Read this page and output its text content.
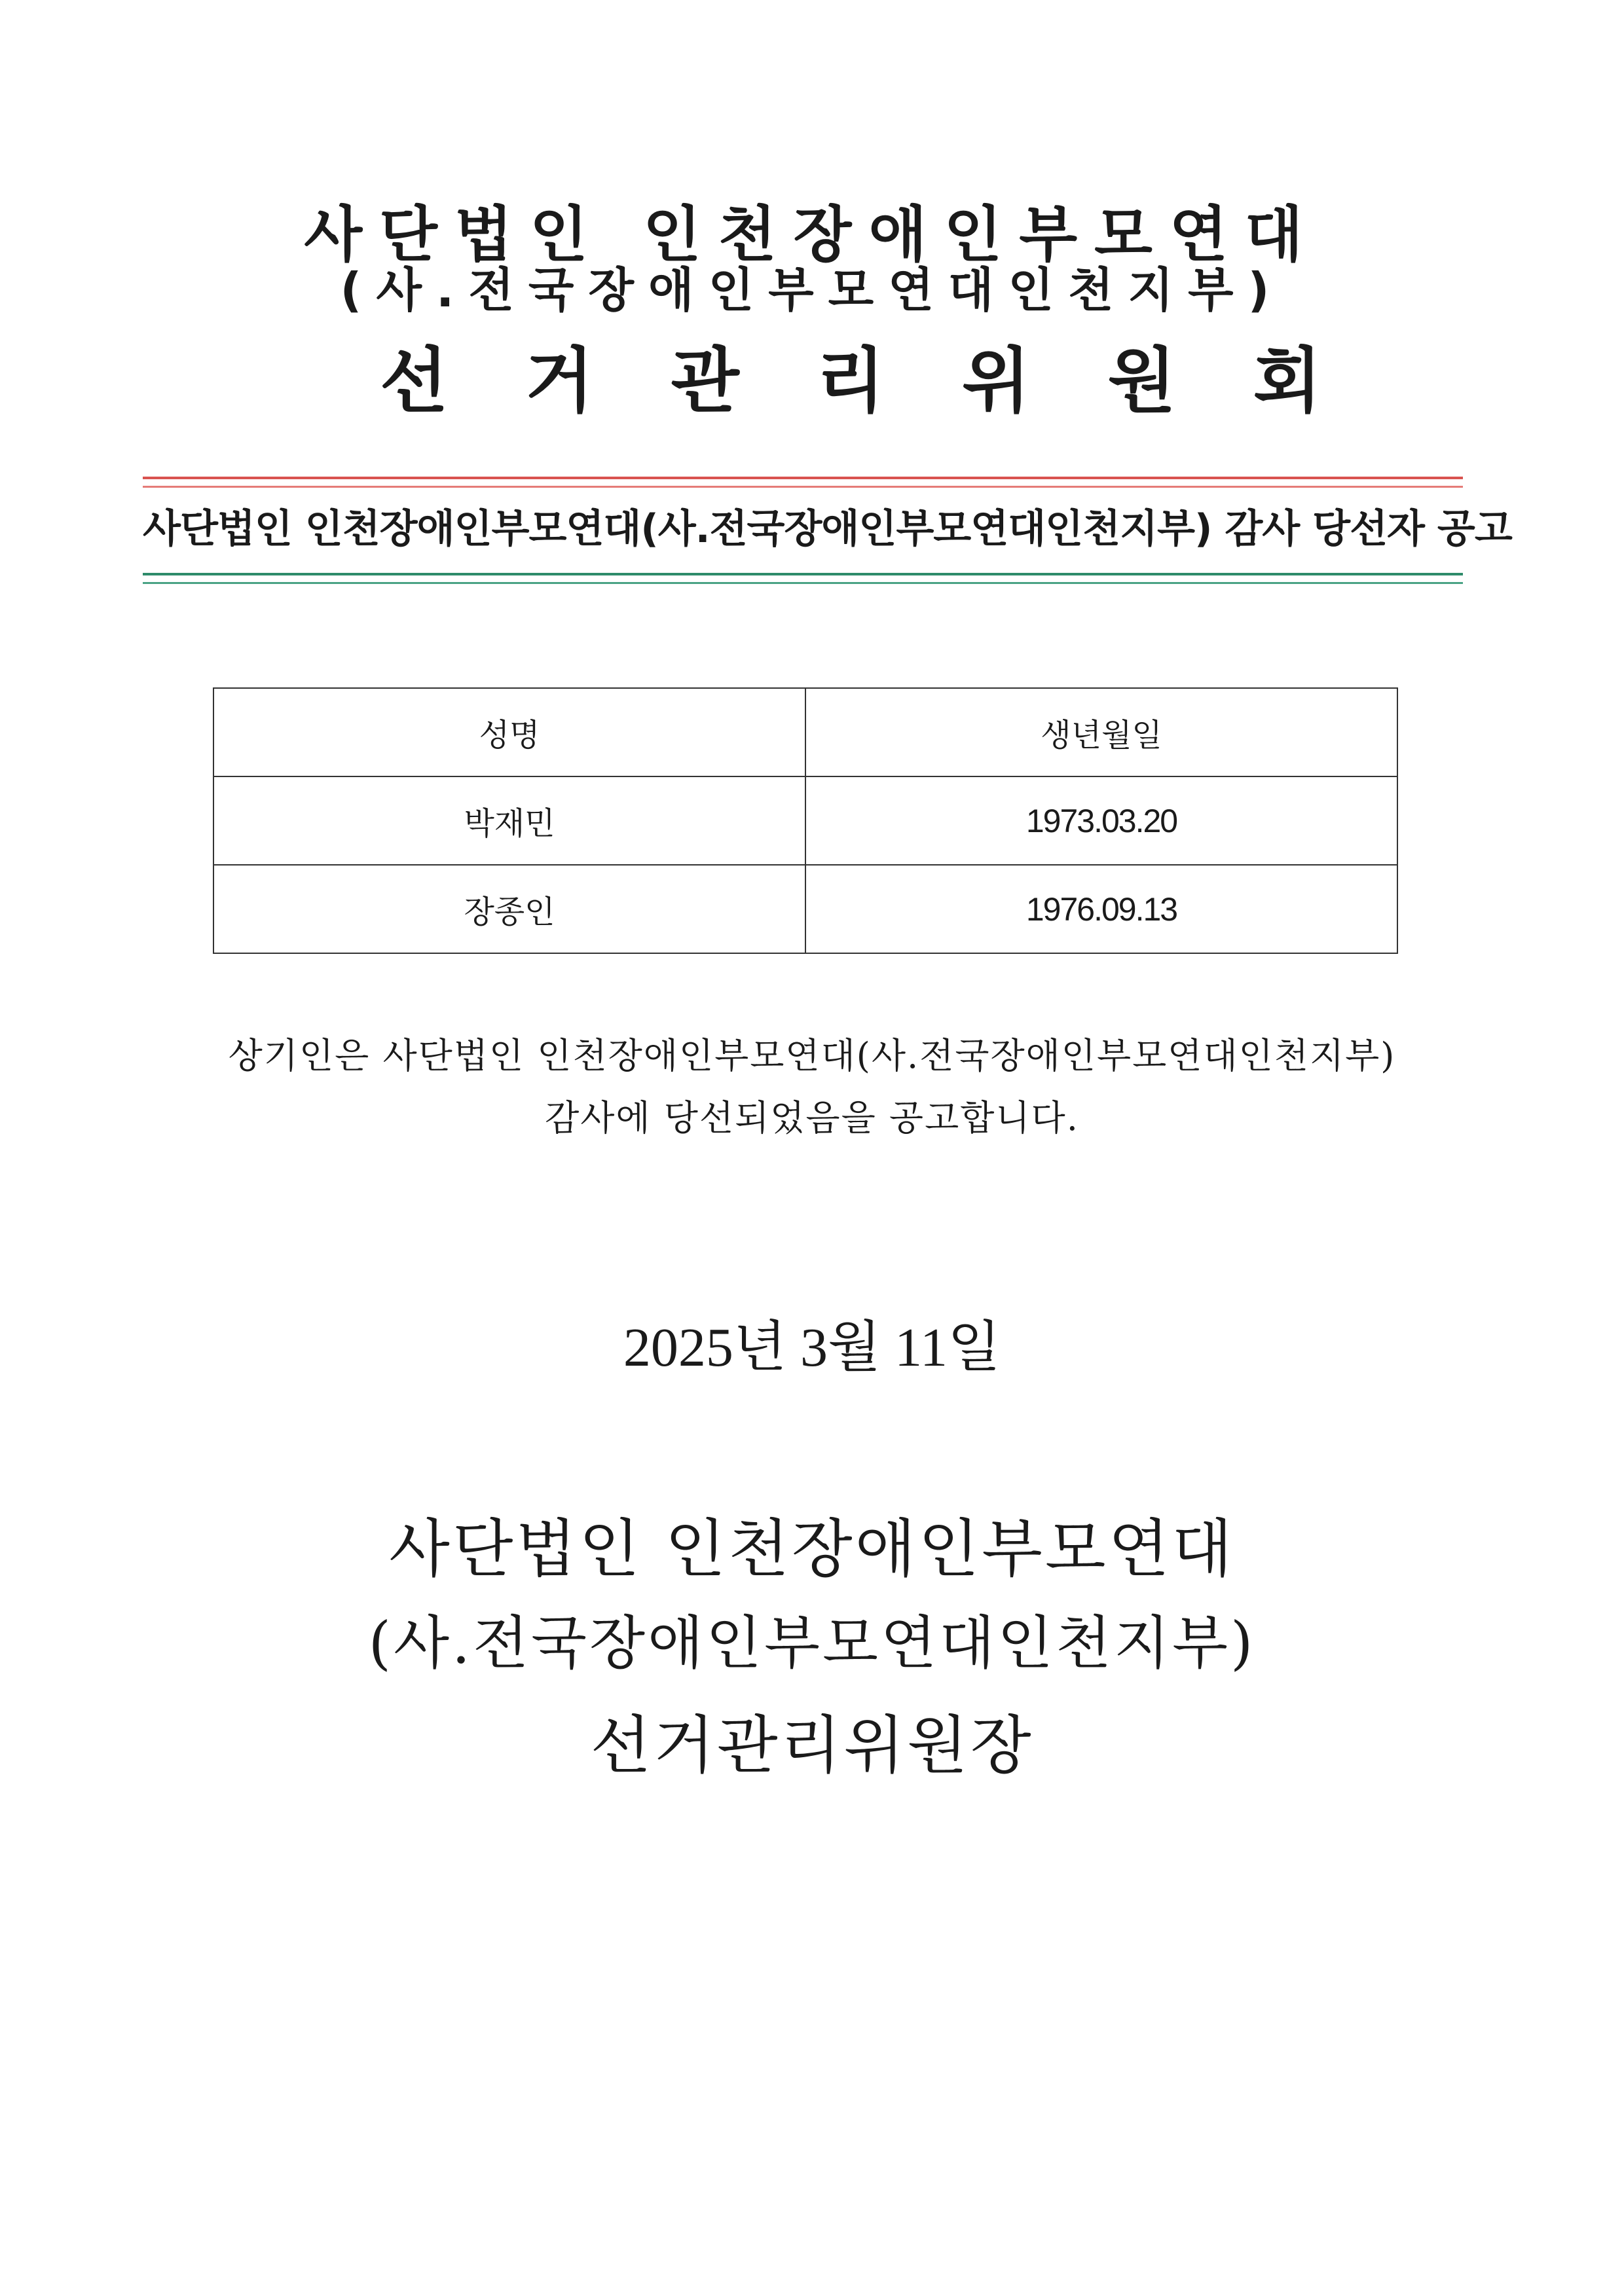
사단법인 인천장애인부모연대
(사.전국장애인부모연대인천지부)
선거관리위원회
사단법인 인천장애인부모연대(사.전국장애인부모연대인천지부) 감사 당선자 공고
성명	생년월일
박재민	1973.03.20
장종인	1976.09.13
상기인은 사단법인 인천장애인부모연대(사.전국장애인부모연대인천지부)
감사에 당선되었음을 공고합니다.
2025년 3월 11일
사단법인 인천장애인부모연대
(사.전국장애인부모연대인천지부)
선거관리위원장
